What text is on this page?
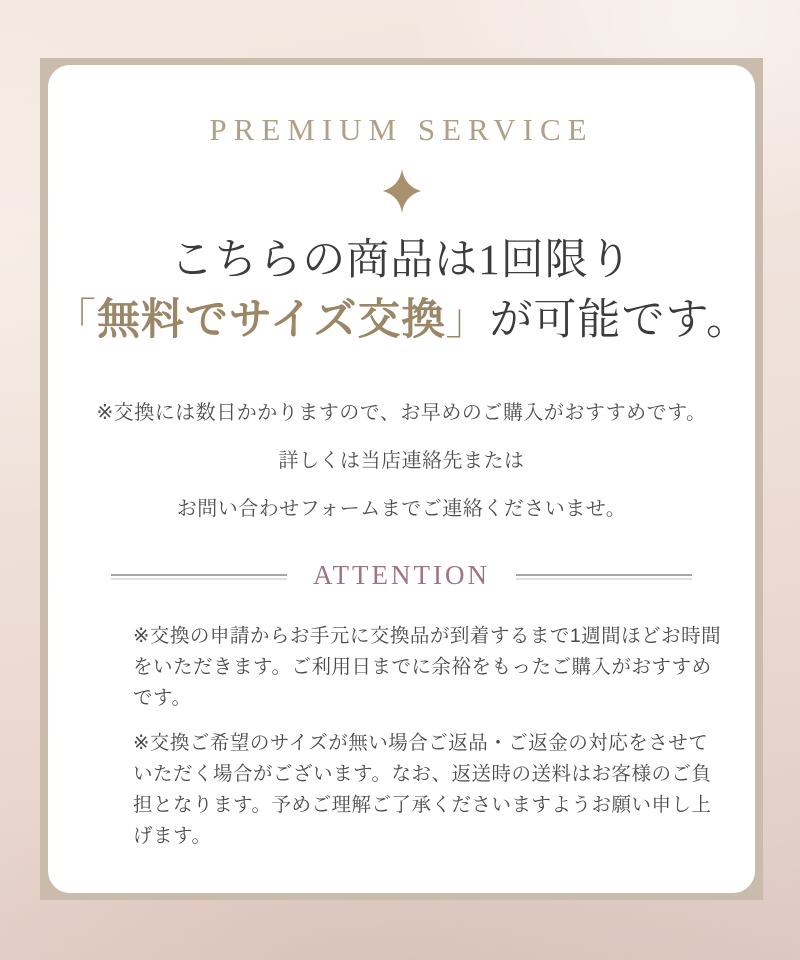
PREMIUM SERVICE
こちらの商品は1回限り
「無料でサイズ交換」が可能です。
※交換には数日かかりますので、お早めのご購入がおすすめです。
詳しくは当店連絡先または
お問い合わせフォームまでご連絡くださいませ。
ATTENTION
※交換の申請からお手元に交換品が到着するまで1週間ほどお時間
をいただきます。ご利用日までに余裕をもったご購入がおすすめ
です。
※交換ご希望のサイズが無い場合ご返品・ご返金の対応をさせて
いただく場合がございます。なお、返送時の送料はお客様のご負
担となります。予めご理解ご了承くださいますようお願い申し上
げます。
